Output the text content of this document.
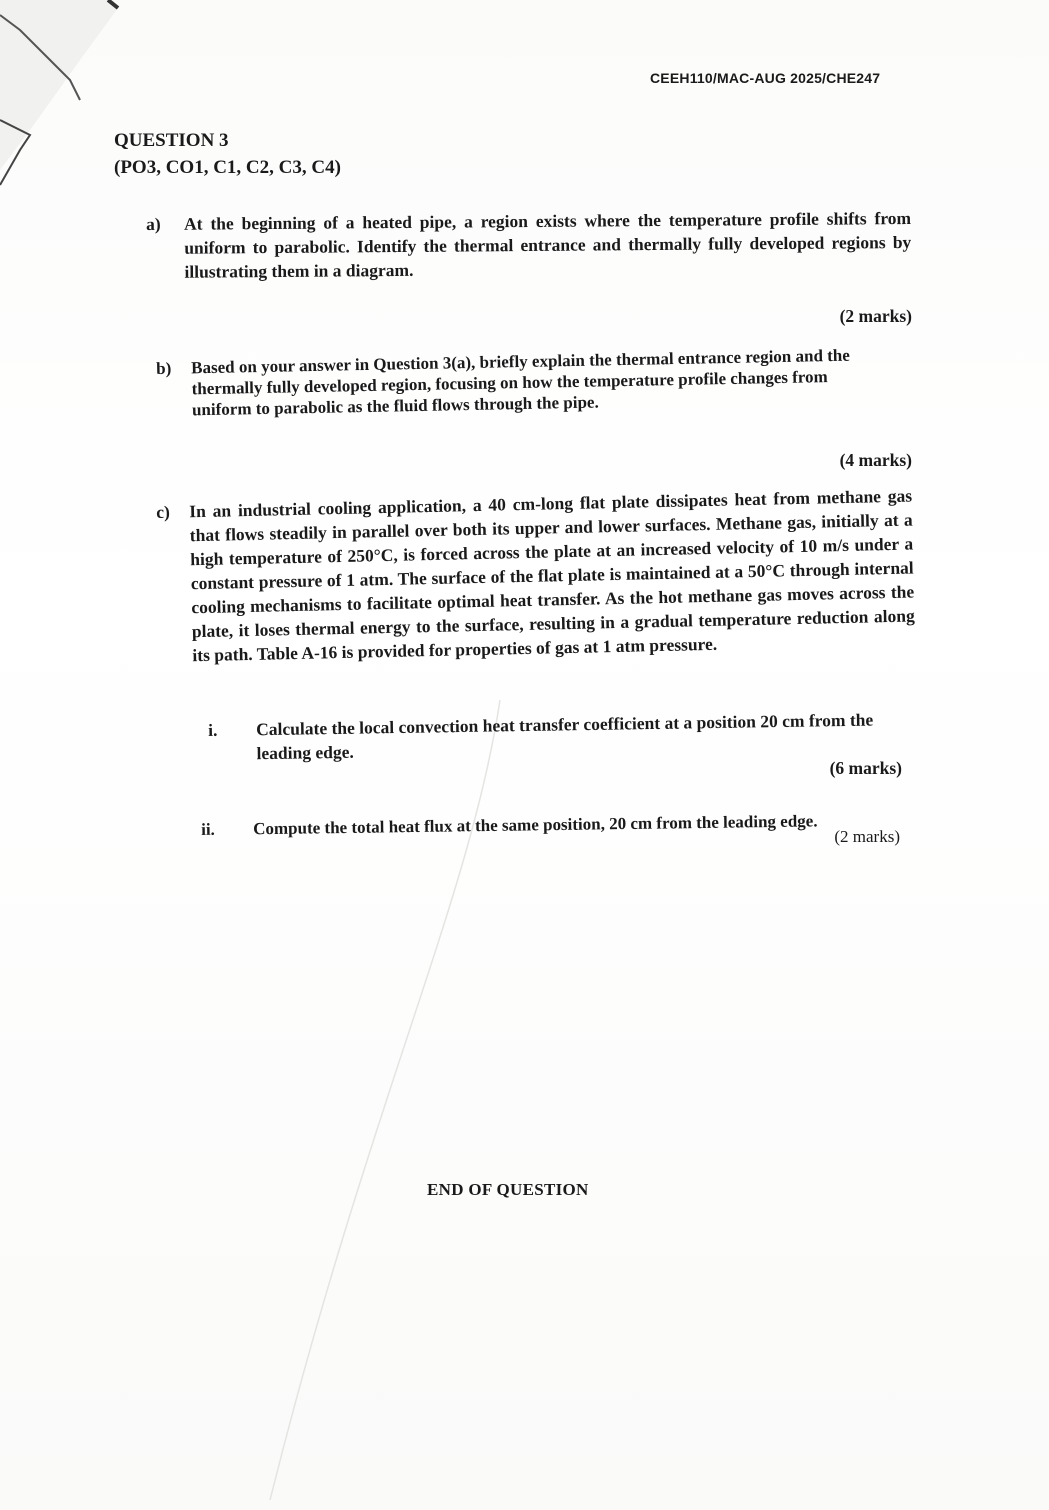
CEEH110/MAC-AUG 2025/CHE247
QUESTION 3
(PO3, CO1, C1, C2, C3, C4)
a) At the beginning of a heated pipe, a region exists where the temperature profile shifts from uniform to parabolic. Identify the thermal entrance and thermally fully developed regions by illustrating them in a diagram.
(2 marks)
b) Based on your answer in Question 3(a), briefly explain the thermal entrance region and the thermally fully developed region, focusing on how the temperature profile changes from uniform to parabolic as the fluid flows through the pipe.
(4 marks)
c) In an industrial cooling application, a 40 cm-long flat plate dissipates heat from methane gas that flows steadily in parallel over both its upper and lower surfaces. Methane gas, initially at a high temperature of 250°C, is forced across the plate at an increased velocity of 10 m/s under a constant pressure of 1 atm. The surface of the flat plate is maintained at a 50°C through internal cooling mechanisms to facilitate optimal heat transfer. As the hot methane gas moves across the plate, it loses thermal energy to the surface, resulting in a gradual temperature reduction along its path. Table A-16 is provided for properties of gas at 1 atm pressure.
i. Calculate the local convection heat transfer coefficient at a position 20 cm from the leading edge.
(6 marks)
ii. Compute the total heat flux at the same position, 20 cm from the leading edge. (2 marks)
END OF QUESTION
